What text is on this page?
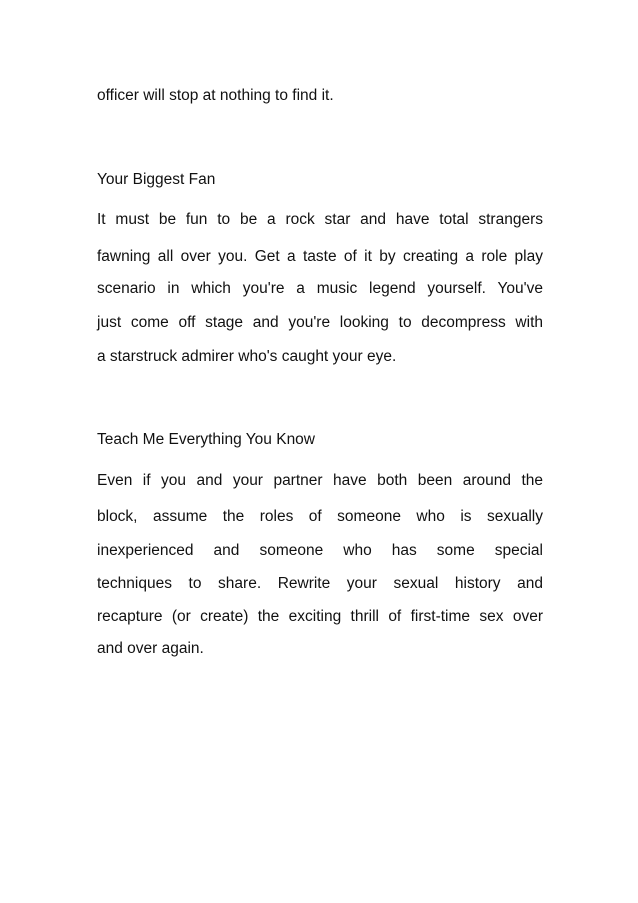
officer will stop at nothing to find it.
Your Biggest Fan
It must be fun to be a rock star and have total strangers
fawning all over you. Get a taste of it by creating a role play
scenario in which you're a music legend yourself. You've
just come off stage and you're looking to decompress with
a starstruck admirer who's caught your eye.
Teach Me Everything You Know
Even if you and your partner have both been around the
block, assume the roles of someone who is sexually
inexperienced and someone who has some special
techniques to share. Rewrite your sexual history and
recapture (or create) the exciting thrill of first-time sex over
and over again.
